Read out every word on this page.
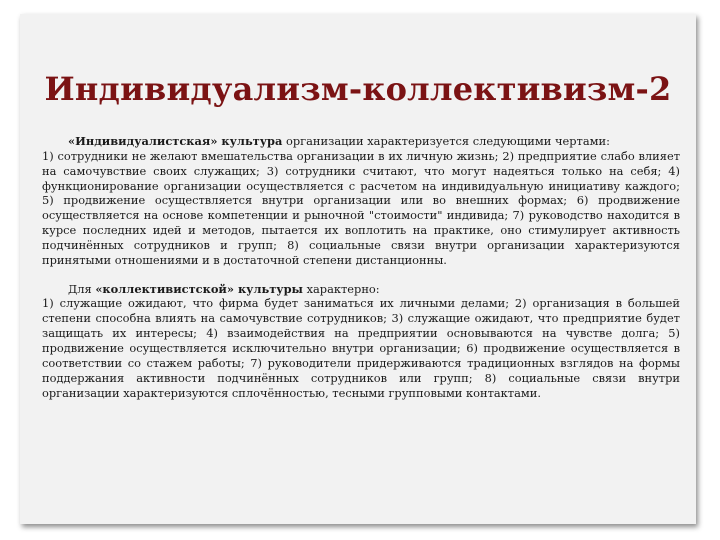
Индивидуализм-коллективизм-2

«Индивидуалистская» культура организации характеризуется следующими чертами:

1) сотрудники не желают вмешательства организации в их личную жизнь; 2) предприятие слабо влияет на самочувствие своих служащих; 3) сотрудники считают, что могут надеяться только на себя; 4) функционирование организации осуществляется с расчетом на индивидуальную инициативу каждого; 5) продвижение осуществляется внутри организации или во внешних формах; 6) продвижение осуществляется на основе компетенции и рыночной "стоимости" индивида; 7) руководство находится в курсе последних идей и методов, пытается их воплотить на практике, оно стимулирует активность подчинённых сотрудников и групп; 8) социальные связи внутри организации характеризуются принятыми отношениями и в достаточной степени дистанционны.

Для «коллективистской» культуры характерно:

1) служащие ожидают, что фирма будет заниматься их личными делами; 2) организация в большей степени способна влиять на самочувствие сотрудников; 3) служащие ожидают, что предприятие будет защищать их интересы; 4) взаимодействия на предприятии основываются на чувстве долга; 5) продвижение осуществляется исключительно внутри организации; 6) продвижение осуществляется в соответствии со стажем работы; 7) руководители придерживаются традиционных взглядов на формы поддержания активности подчинённых сотрудников или групп; 8) социальные связи внутри организации характеризуются сплочённостью, тесными групповыми контактами.
